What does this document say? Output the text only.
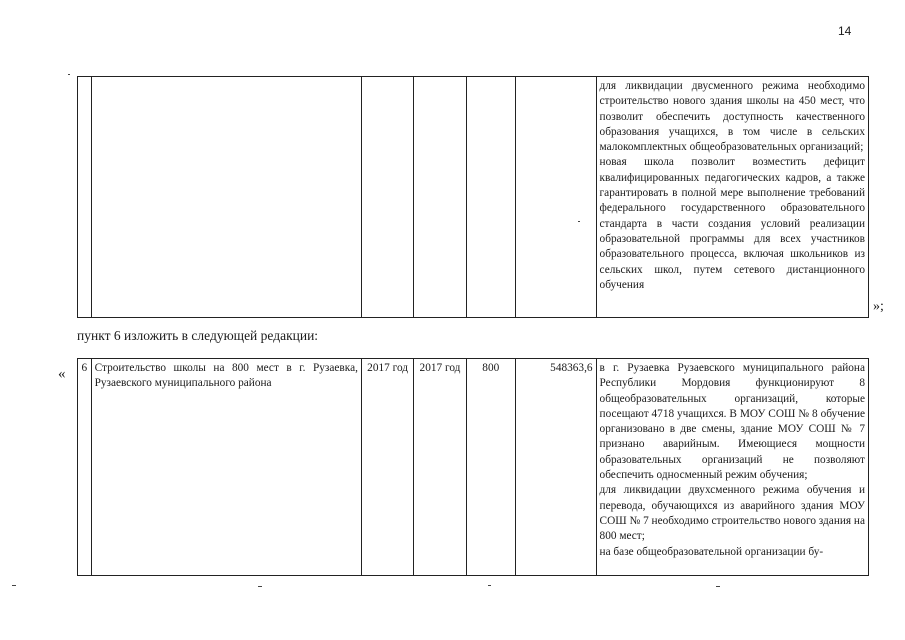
14

для ликвидации двусменного режима необходимо строительство нового здания школы на 450 мест, что позволит обеспечить доступность качественного образования учащихся, в том числе в сельских малокомплектных общеобразовательных организаций;
новая школа позволит возместить дефицит квалифицированных педагогических кадров, а также гарантировать в полной мере выполнение требований федерального государственного образовательного стандарта в части создания условий реализации образовательной программы для всех участников образовательного процесса, включая школьников из сельских школ, путем сетевого дистанционного обучения
»;
пункт 6 изложить в следующей редакции:
« 6	Строительство школы на 800 мест в г. Рузаевка, Рузаевского муниципального района	2017 год	2017 год	800	548363,6	в г. Рузаевка Рузаевского муниципального района Республики Мордовия функционируют 8 общеобразовательных организаций, которые посещают 4718 учащихся. В МОУ СОШ № 8 обучение организовано в две смены, здание МОУ СОШ № 7 признано аварийным. Имеющиеся мощности образовательных организаций не позволяют обеспечить односменный режим обучения;
для ликвидации двухсменного режима обучения и перевода, обучающихся из аварийного здания МОУ СОШ № 7 необходимо строительство нового здания на 800 мест;
на базе общеобразовательной организации бу-
